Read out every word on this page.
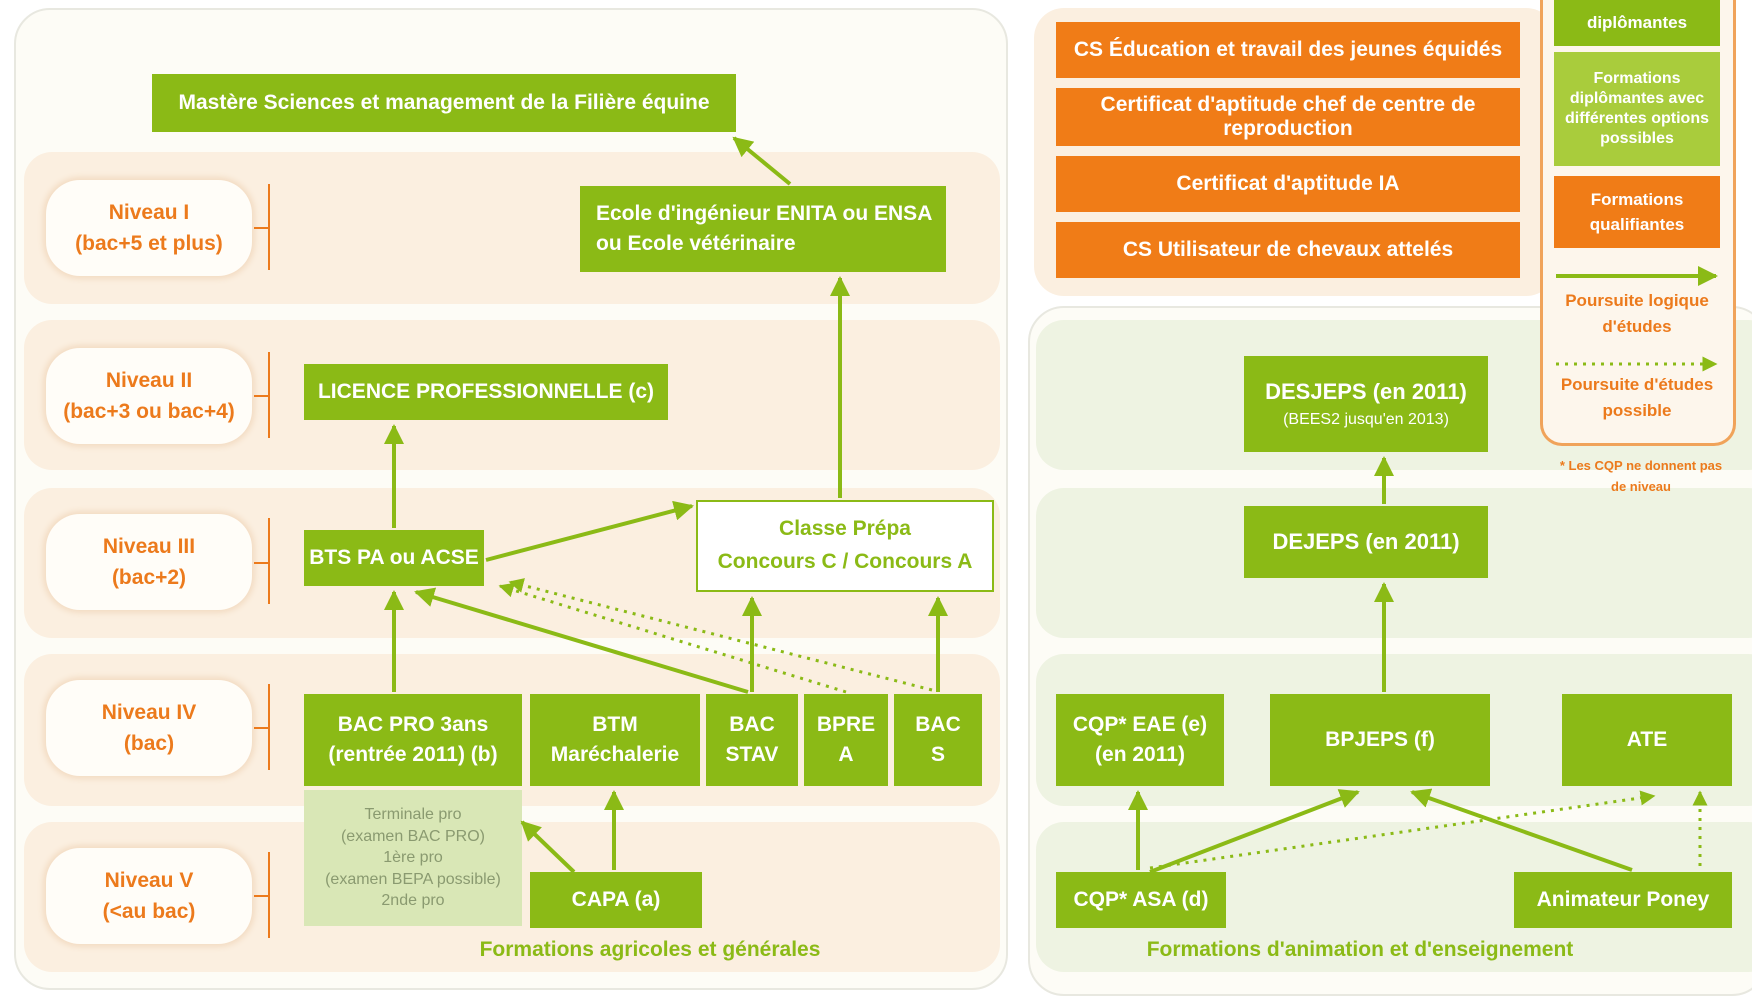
Niveau I
(bac+5 et plus)
Niveau II
(bac+3 ou bac+4)
Niveau III
(bac+2)
Niveau IV
(bac)
Niveau V
(<au bac)
Mastère Sciences et management de la Filière équine
Ecole d'ingénieur ENITA ou ENSA
ou Ecole vétérinaire
LICENCE PROFESSIONNELLE (c)
BTS PA ou ACSE
Classe Prépa
Concours C / Concours A
BAC PRO 3ans
(rentrée 2011) (b)
BTM
Maréchalerie
BAC
STAV
BPRE
A
BAC
S
Terminale pro
(examen BAC PRO)
1ère pro
(examen BEPA possible)
2nde pro	CAPA (a)
Formations agricoles et générales
CS Éducation et travail des jeunes équidés
Certificat d'aptitude chef de centre de reproduction
Certificat d'aptitude IA
CS Utilisateur de chevaux attelés
DESJEPS (en 2011)
(BEES2 jusqu'en 2013)
DEJEPS (en 2011)
CQP* EAE (e)
(en 2011)
BPJEPS (f)	ATE
CQP* ASA (d)	Animateur Poney
Formations d'animation et d'enseignement
diplômantes
Formations
diplômantes avec
différentes options
possibles
Formations
qualifiantes
Poursuite logique
d'études
Poursuite d'études
possible
* Les CQP ne donnent pas
de niveau
